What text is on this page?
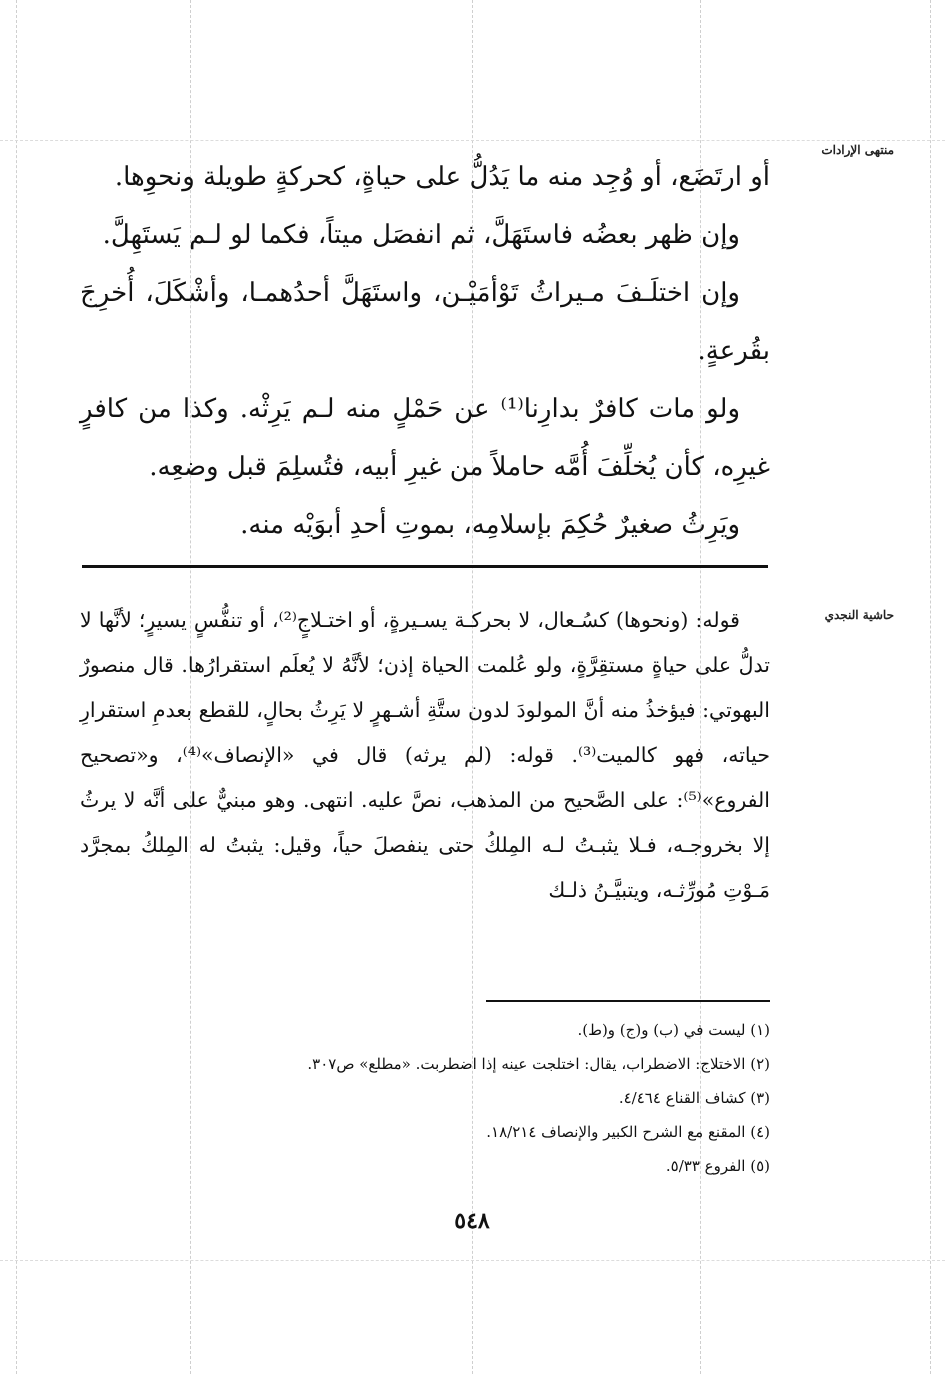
منتهى الإرادات
حاشية النجدي

أو ارتَضَع، أو وُجِد منه ما يَدُلُّ على حياةٍ، كحركةٍ طويلة ونحوِها.

وإن ظهر بعضُه فاستَهَلَّ، ثم انفصَل ميتاً، فكما لو لـم يَستَهِلَّ.

وإن اختلَـفَ مـيراثُ تَوْأمَيْـن، واستَهَلَّ أحدُهمـا، وأشْكَلَ، أُخرِجَ بقُرعةٍ.

ولو مات كافرٌ بدارِنا⁽¹⁾ عن حَمْلٍ منه لـم يَرِثْه. وكذا من كافرٍ غيرِه، كأن يُخلِّفَ أُمَّه حاملاً من غيرِ أبيه، فتُسلِمَ قبل وضعِه.

ويَرِثُ صغيرٌ حُكِمَ بإسلامِه، بموتِ أحدِ أبوَيْه منه.

قوله: (ونحوها) كسُـعال، لا بحركـة يسـيرةٍ، أو اختـلاجٍ⁽²⁾، أو تنفُّسٍ يسيرٍ؛ لأنَّها لا تدلُّ على حياةٍ مستقِرَّةٍ، ولو عُلمت الحياة إذن؛ لأنَّهُ لا يُعلَم استقرارُها. قال منصورٌ البهوتي: فيؤخذُ منه أنَّ المولودَ لدون ستَّةِ أشـهرٍ لا يَرِثُ بحالٍ، للقطع بعدمِ استقرارِ حياته، فهو كالميت⁽³⁾. قوله: (لم يرثه) قال في «الإنصاف»⁽⁴⁾، و«تصحيح الفروع»⁽⁵⁾: على الصَّحيح من المذهب، نصَّ عليه. انتهى. وهو مبنيٌّ على أنَّه لا يرثُ إلا بخروجـه، فـلا يثبـتُ لـه المِلكُ حتى ينفصلَ حياً، وقيل: يثبتُ له المِلكُ بمجرَّد مَـوْتِ مُورِّثـه، ويتبيَّـنُ ذلـك

(١) ليست في (ب) و(ج) و(ط).
(٢) الاختلاج: الاضطراب، يقال: اختلجت عينه إذا اضطربت. «مطلع» ص٣٠٧.
(٣) كشاف القناع ٤/٤٦٤.
(٤) المقنع مع الشرح الكبير والإنصاف ١٨/٢١٤.
(٥) الفروع ٥/٣٣.
٥٤٨
